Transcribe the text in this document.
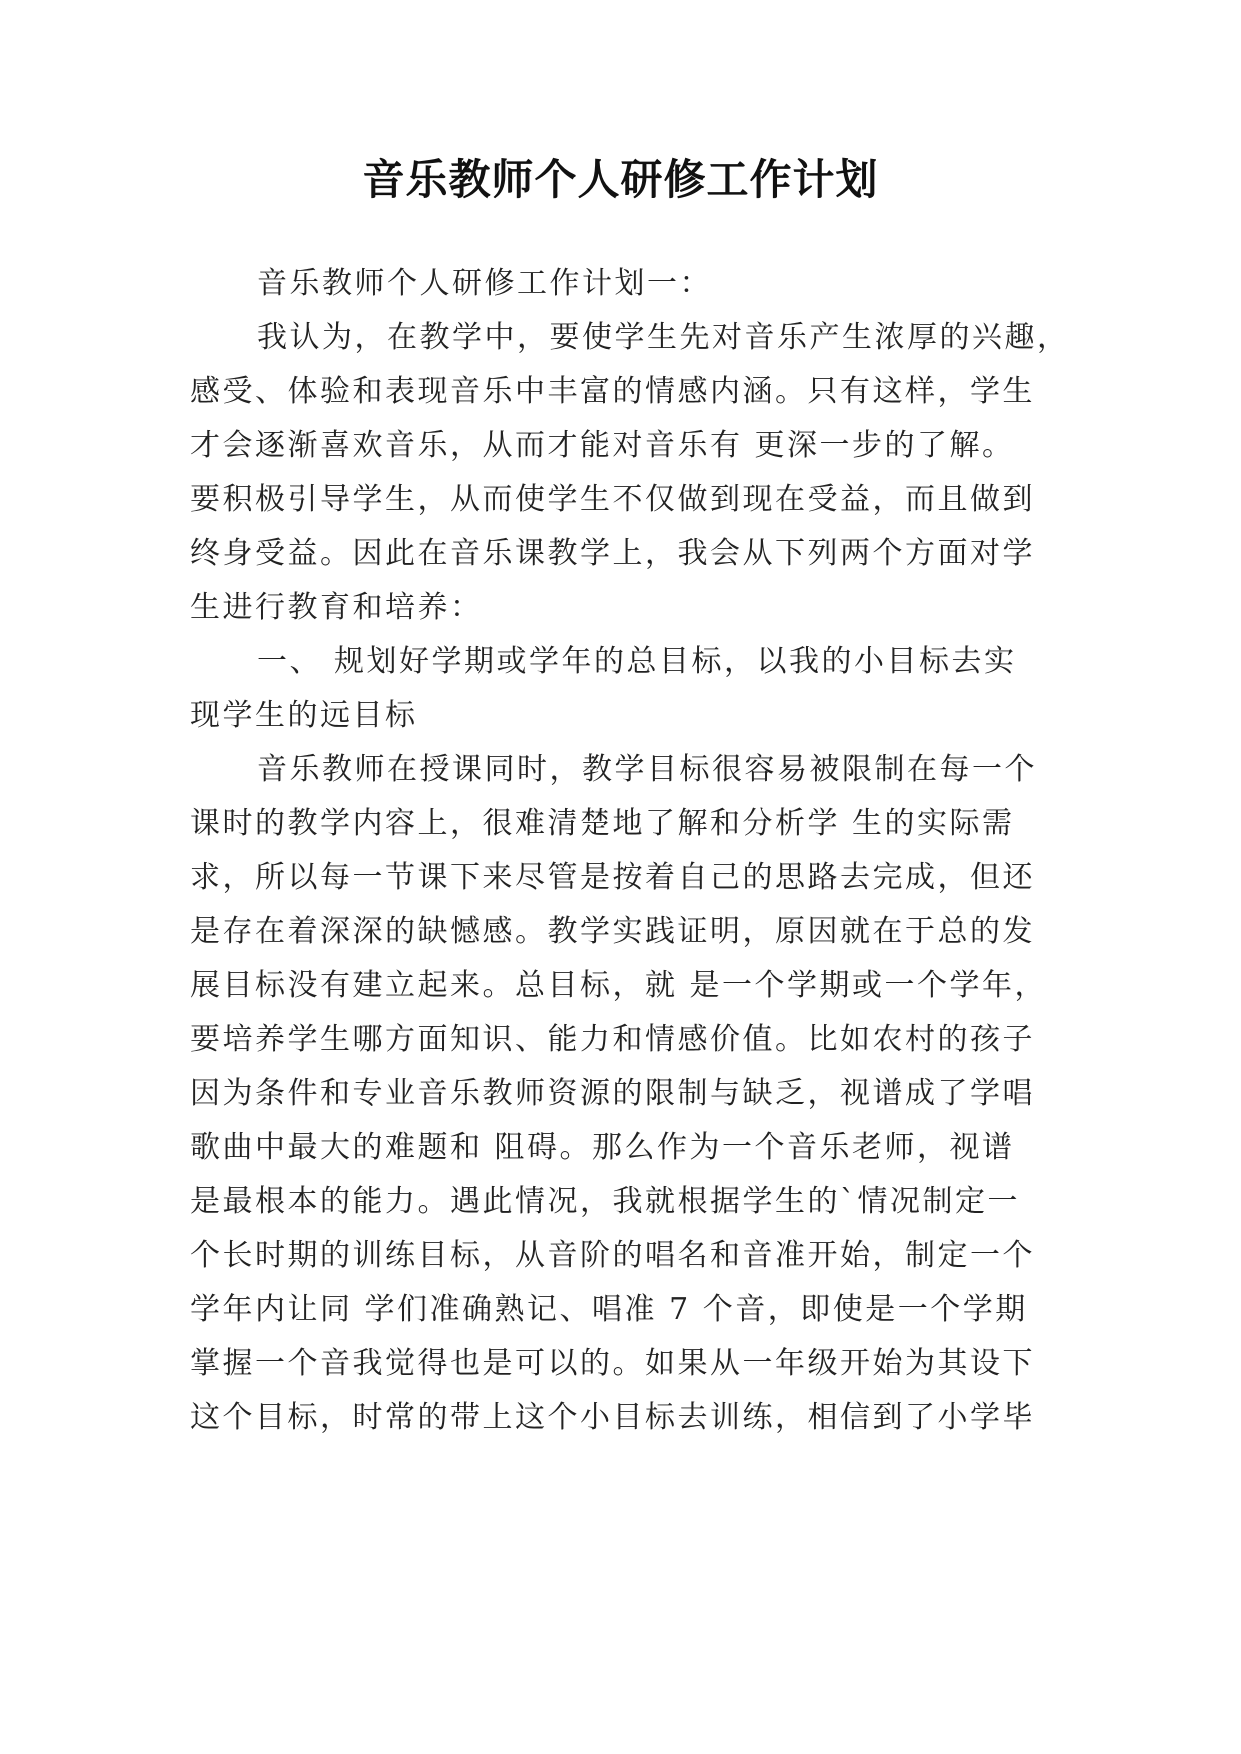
音乐教师个人研修工作计划
音乐教师个人研修工作计划一：
我认为，在教学中，要使学生先对音乐产生浓厚的兴趣，
感受、体验和表现音乐中丰富的情感内涵。只有这样，学生
才会逐渐喜欢音乐，从而才能对音乐有 更深一步的了解。
要积极引导学生，从而使学生不仅做到现在受益，而且做到
终身受益。因此在音乐课教学上，我会从下列两个方面对学
生进行教育和培养：
一、 规划好学期或学年的总目标，以我的小目标去实
现学生的远目标
音乐教师在授课同时，教学目标很容易被限制在每一个
课时的教学内容上，很难清楚地了解和分析学 生的实际需
求，所以每一节课下来尽管是按着自己的思路去完成，但还
是存在着深深的缺憾感。教学实践证明，原因就在于总的发
展目标没有建立起来。总目标，就 是一个学期或一个学年，
要培养学生哪方面知识、能力和情感价值。比如农村的孩子
因为条件和专业音乐教师资源的限制与缺乏，视谱成了学唱
歌曲中最大的难题和 阻碍。那么作为一个音乐老师，视谱
是最根本的能力。遇此情况，我就根据学生的`情况制定一
个长时期的训练目标，从音阶的唱名和音准开始，制定一个
学年内让同 学们准确熟记、唱准 7 个音，即使是一个学期
掌握一个音我觉得也是可以的。如果从一年级开始为其设下
这个目标，时常的带上这个小目标去训练，相信到了小学毕
